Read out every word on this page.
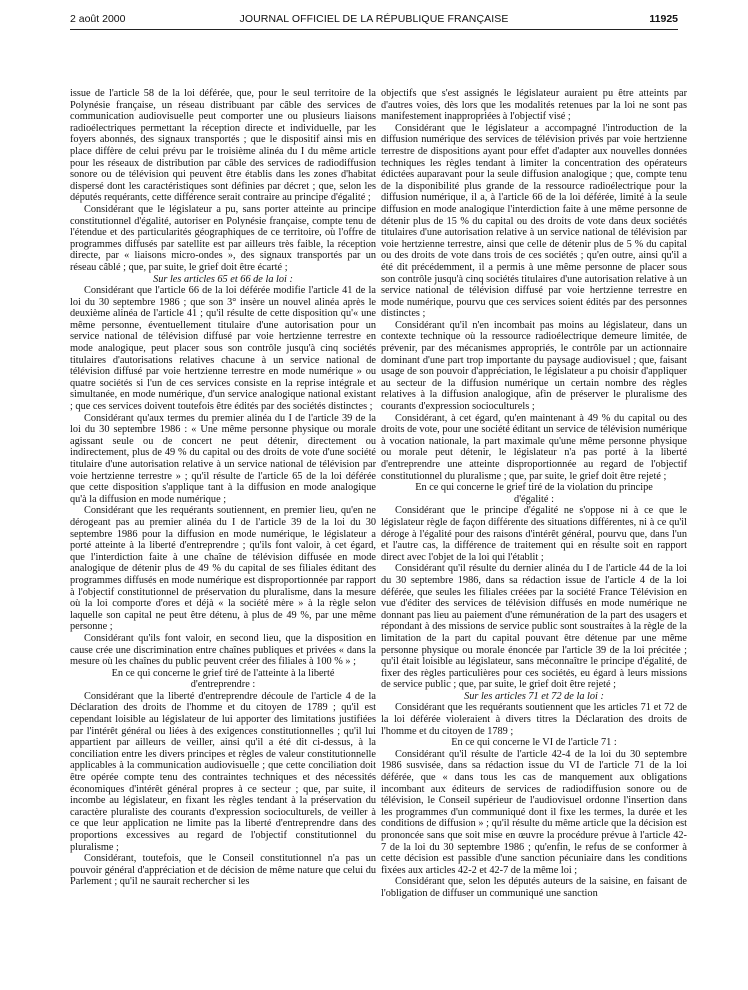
2 août 2000	JOURNAL OFFICIEL DE LA RÉPUBLIQUE FRANÇAISE	11925

issue de l'article 58 de la loi déférée, que, pour le seul territoire de la Polynésie française, un réseau distribuant par câble des services de communication audiovisuelle peut comporter une ou plusieurs liaisons radioélectriques permettant la réception directe et individuelle, par les foyers abonnés, des signaux transportés ; que le dispositif ainsi mis en place diffère de celui prévu par le troisième alinéa du I du même article pour les réseaux de distribution par câble des services de radiodiffusion sonore ou de télévision qui peuvent être établis dans les zones d'habitat dispersé dont les caractéristiques sont définies par décret ; que, selon les députés requérants, cette différence serait contraire au principe d'égalité ;

Considérant que le législateur a pu, sans porter atteinte au principe constitutionnel d'égalité, autoriser en Polynésie française, compte tenu de l'étendue et des particularités géographiques de ce territoire, où l'offre de programmes diffusés par satellite est par ailleurs très faible, la réception directe, par « liaisons micro-ondes », des signaux transportés par un réseau câblé ; que, par suite, le grief doit être écarté ;

Sur les articles 65 et 66 de la loi :

Considérant que l'article 66 de la loi déférée modifie l'article 41 de la loi du 30 septembre 1986 ; que son 3° insère un nouvel alinéa après le deuxième alinéa de l'article 41 ; qu'il résulte de cette disposition qu'« une même personne, éventuellement titulaire d'une autorisation pour un service national de télévision diffusé par voie hertzienne terrestre en mode analogique, peut placer sous son contrôle jusqu'à cinq sociétés titulaires d'autorisations relatives chacune à un service national de télévision diffusé par voie hertzienne terrestre en mode numérique » ou quatre sociétés si l'un de ces services consiste en la reprise intégrale et simultanée, en mode numérique, d'un service analogique national existant ; que ces services doivent toutefois être édités par des sociétés distinctes ;

Considérant qu'aux termes du premier alinéa du I de l'article 39 de la loi du 30 septembre 1986 : « Une même personne physique ou morale agissant seule ou de concert ne peut détenir, directement ou indirectement, plus de 49 % du capital ou des droits de vote d'une société titulaire d'une autorisation relative à un service national de télévision par voie hertzienne terrestre » ; qu'il résulte de l'article 65 de la loi déférée que cette disposition s'applique tant à la diffusion en mode analogique qu'à la diffusion en mode numérique ;

Considérant que les requérants soutiennent, en premier lieu, qu'en ne dérogeant pas au premier alinéa du I de l'article 39 de la loi du 30 septembre 1986 pour la diffusion en mode numérique, le législateur a porté atteinte à la liberté d'entreprendre ; qu'ils font valoir, à cet égard, que l'interdiction faite à une chaîne de télévision diffusée en mode analogique de détenir plus de 49 % du capital de ses filiales éditant des programmes diffusés en mode numérique est disproportionnée par rapport à l'objectif constitutionnel de préservation du pluralisme, dans la mesure où la loi comporte d'ores et déjà « la société mère » à la règle selon laquelle son capital ne peut être détenu, à plus de 49 %, par une même personne ;

Considérant qu'ils font valoir, en second lieu, que la disposition en cause crée une discrimination entre chaînes publiques et privées « dans la mesure où les chaînes du public peuvent créer des filiales à 100 % » ;

En ce qui concerne le grief tiré de l'atteinte à la liberté d'entreprendre :

Considérant que la liberté d'entreprendre découle de l'article 4 de la Déclaration des droits de l'homme et du citoyen de 1789 ; qu'il est cependant loisible au législateur de lui apporter des limitations justifiées par l'intérêt général ou liées à des exigences constitutionnelles ; qu'il lui appartient par ailleurs de veiller, ainsi qu'il a été dit ci-dessus, à la conciliation entre les divers principes et règles de valeur constitutionnelle applicables à la communication audiovisuelle ; que cette conciliation doit être opérée compte tenu des contraintes techniques et des nécessités économiques d'intérêt général propres à ce secteur ; que, par suite, il incombe au législateur, en fixant les règles tendant à la préservation du caractère pluraliste des courants d'expression socioculturels, de veiller à ce que leur application ne limite pas la liberté d'entreprendre dans des proportions excessives au regard de l'objectif constitutionnel du pluralisme ;

Considérant, toutefois, que le Conseil constitutionnel n'a pas un pouvoir général d'appréciation et de décision de même nature que celui du Parlement ; qu'il ne saurait rechercher si les

objectifs que s'est assignés le législateur auraient pu être atteints par d'autres voies, dès lors que les modalités retenues par la loi ne sont pas manifestement inappropriées à l'objectif visé ;

Considérant que le législateur a accompagné l'introduction de la diffusion numérique des services de télévision privés par voie hertzienne terrestre de dispositions ayant pour effet d'adapter aux nouvelles données techniques les règles tendant à limiter la concentration des opérateurs édictées auparavant pour la seule diffusion analogique ; que, compte tenu de la disponibilité plus grande de la ressource radioélectrique pour la diffusion numérique, il a, à l'article 66 de la loi déférée, limité à la seule diffusion en mode analogique l'interdiction faite à une même personne de détenir plus de 15 % du capital ou des droits de vote dans deux sociétés titulaires d'une autorisation relative à un service national de télévision par voie hertzienne terrestre, ainsi que celle de détenir plus de 5 % du capital ou des droits de vote dans trois de ces sociétés ; qu'en outre, ainsi qu'il a été dit précédemment, il a permis à une même personne de placer sous son contrôle jusqu'à cinq sociétés titulaires d'une autorisation relative à un service national de télévision diffusé par voie hertzienne terrestre en mode numérique, pourvu que ces services soient édités par des personnes distinctes ;

Considérant qu'il n'en incombait pas moins au législateur, dans un contexte technique où la ressource radioélectrique demeure limitée, de prévenir, par des mécanismes appropriés, le contrôle par un actionnaire dominant d'une part trop importante du paysage audiovisuel ; que, faisant usage de son pouvoir d'appréciation, le législateur a pu choisir d'appliquer au secteur de la diffusion numérique un certain nombre des règles relatives à la diffusion analogique, afin de préserver le pluralisme des courants d'expression socioculturels ;

Considérant, à cet égard, qu'en maintenant à 49 % du capital ou des droits de vote, pour une société éditant un service de télévision numérique à vocation nationale, la part maximale qu'une même personne physique ou morale peut détenir, le législateur n'a pas porté à la liberté d'entreprendre une atteinte disproportionnée au regard de l'objectif constitutionnel du pluralisme ; que, par suite, le grief doit être rejeté ;

En ce qui concerne le grief tiré de la violation du principe d'égalité :

Considérant que le principe d'égalité ne s'oppose ni à ce que le législateur règle de façon différente des situations différentes, ni à ce qu'il déroge à l'égalité pour des raisons d'intérêt général, pourvu que, dans l'un et l'autre cas, la différence de traitement qui en résulte soit en rapport direct avec l'objet de la loi qui l'établit ;

Considérant qu'il résulte du dernier alinéa du I de l'article 44 de la loi du 30 septembre 1986, dans sa rédaction issue de l'article 4 de la loi déférée, que seules les filiales créées par la société France Télévision en vue d'éditer des services de télévision diffusés en mode numérique ne donnant pas lieu au paiement d'une rémunération de la part des usagers et répondant à des missions de service public sont soustraites à la règle de la limitation de la part du capital pouvant être détenue par une même personne physique ou morale énoncée par l'article 39 de la loi précitée ; qu'il était loisible au législateur, sans méconnaître le principe d'égalité, de fixer des règles particulières pour ces sociétés, eu égard à leurs missions de service public ; que, par suite, le grief doit être rejeté ;

Sur les articles 71 et 72 de la loi :

Considérant que les requérants soutiennent que les articles 71 et 72 de la loi déférée violeraient à divers titres la Déclaration des droits de l'homme et du citoyen de 1789 ;

En ce qui concerne le VI de l'article 71 :

Considérant qu'il résulte de l'article 42-4 de la loi du 30 septembre 1986 susvisée, dans sa rédaction issue du VI de l'article 71 de la loi déférée, que « dans tous les cas de manquement aux obligations incombant aux éditeurs de services de radiodiffusion sonore ou de télévision, le Conseil supérieur de l'audiovisuel ordonne l'insertion dans les programmes d'un communiqué dont il fixe les termes, la durée et les conditions de diffusion » ; qu'il résulte du même article que la décision est prononcée sans que soit mise en œuvre la procédure prévue à l'article 42-7 de la loi du 30 septembre 1986 ; qu'enfin, le refus de se conformer à cette décision est passible d'une sanction pécuniaire dans les conditions fixées aux articles 42-2 et 42-7 de la même loi ;

Considérant que, selon les députés auteurs de la saisine, en faisant de l'obligation de diffuser un communiqué une sanction
